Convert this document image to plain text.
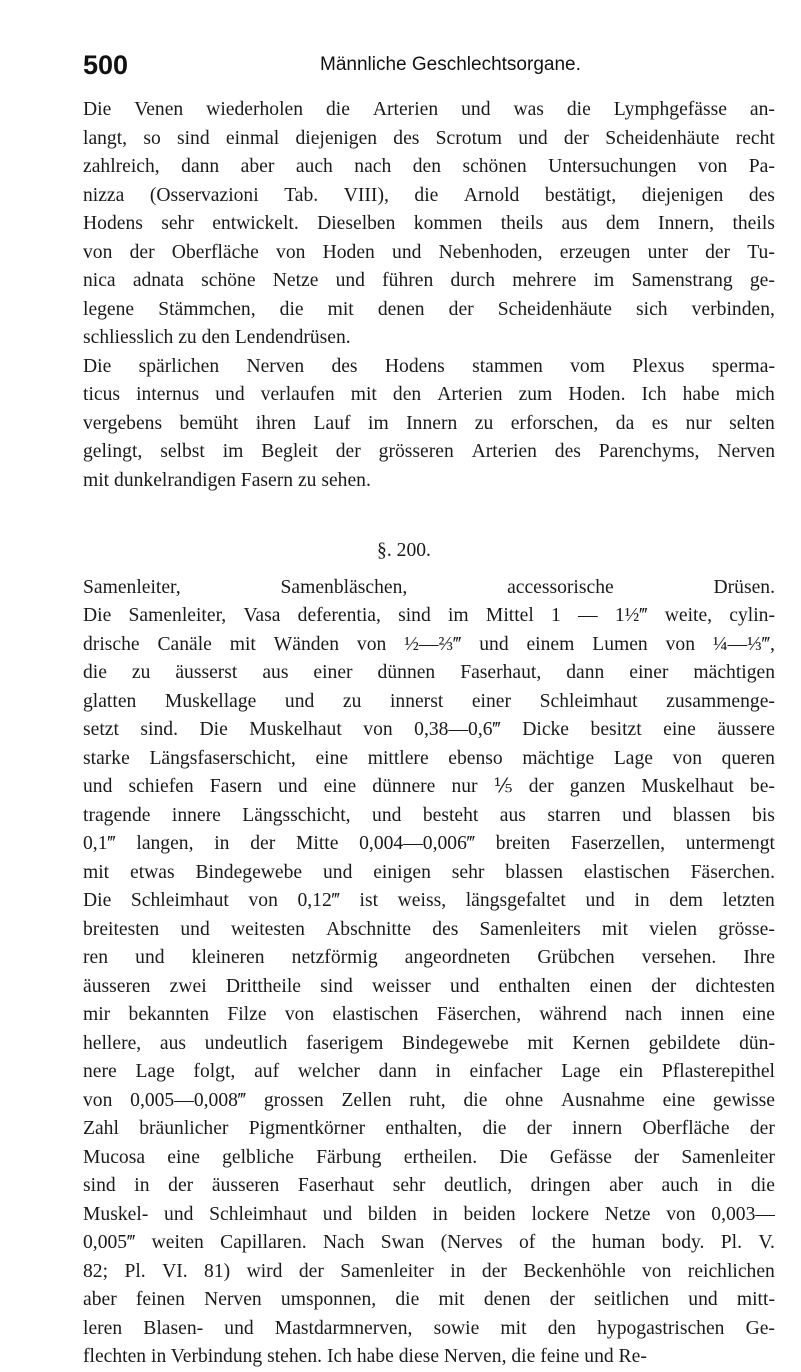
500	Männliche Geschlechtsorgane.
Die Venen wiederholen die Arterien und was die Lymphgefässe an-
langt, so sind einmal diejenigen des Scrotum und der Scheidenhäute recht
zahlreich, dann aber auch nach den schönen Untersuchungen von Pa-
nizza (Osservazioni Tab. VIII), die Arnold bestätigt, diejenigen des
Hodens sehr entwickelt. Dieselben kommen theils aus dem Innern, theils
von der Oberfläche von Hoden und Nebenhoden, erzeugen unter der Tu-
nica adnata schöne Netze und führen durch mehrere im Samenstrang ge-
legene Stämmchen, die mit denen der Scheidenhäute sich verbinden,
schliesslich zu den Lendendrüsen.
Die spärlichen Nerven des Hodens stammen vom Plexus sperma-
ticus internus und verlaufen mit den Arterien zum Hoden. Ich habe mich
vergebens bemüht ihren Lauf im Innern zu erforschen, da es nur selten
gelingt, selbst im Begleit der grösseren Arterien des Parenchyms, Nerven
mit dunkelrandigen Fasern zu sehen.
§. 200.
Samenleiter,	Samenbläschen,	accessorische	Drüsen.
Die Samenleiter, Vasa deferentia, sind im Mittel 1 — 1½‴ weite, cylin-
drische Canäle mit Wänden von ½—⅔‴ und einem Lumen von ¼—⅓‴,
die zu äusserst aus einer dünnen Faserhaut, dann einer mächtigen
glatten Muskellage und zu innerst einer Schleimhaut zusammenge-
setzt sind. Die Muskelhaut von 0,38—0,6‴ Dicke besitzt eine äussere
starke Längsfaserschicht, eine mittlere ebenso mächtige Lage von queren
und schiefen Fasern und eine dünnere nur ⅕ der ganzen Muskelhaut be-
tragende innere Längsschicht, und besteht aus starren und blassen bis
0,1‴ langen, in der Mitte 0,004—0,006‴ breiten Faserzellen, untermengt
mit etwas Bindegewebe und einigen sehr blassen elastischen Fäserchen.
Die Schleimhaut von 0,12‴ ist weiss, längsgefaltet und in dem letzten
breitesten und weitesten Abschnitte des Samenleiters mit vielen grösse-
ren und kleineren netzförmig angeordneten Grübchen versehen. Ihre
äusseren zwei Drittheile sind weisser und enthalten einen der dichtesten
mir bekannten Filze von elastischen Fäserchen, während nach innen eine
hellere, aus undeutlich faserigem Bindegewebe mit Kernen gebildete dün-
nere Lage folgt, auf welcher dann in einfacher Lage ein Pflasterepithel
von 0,005—0,008‴ grossen Zellen ruht, die ohne Ausnahme eine gewisse
Zahl bräunlicher Pigmentkörner enthalten, die der innern Oberfläche der
Mucosa eine gelbliche Färbung ertheilen. Die Gefässe der Samenleiter
sind in der äusseren Faserhaut sehr deutlich, dringen aber auch in die
Muskel- und Schleimhaut und bilden in beiden lockere Netze von 0,003—
0,005‴ weiten Capillaren. Nach Swan (Nerves of the human body. Pl. V.
82; Pl. VI. 81) wird der Samenleiter in der Beckenhöhle von reichlichen
aber feinen Nerven umsponnen, die mit denen der seitlichen und mitt-
leren Blasen- und Mastdarmnerven, sowie mit den hypogastrischen Ge-
flechten in Verbindung stehen. Ich habe diese Nerven, die feine und Re-
